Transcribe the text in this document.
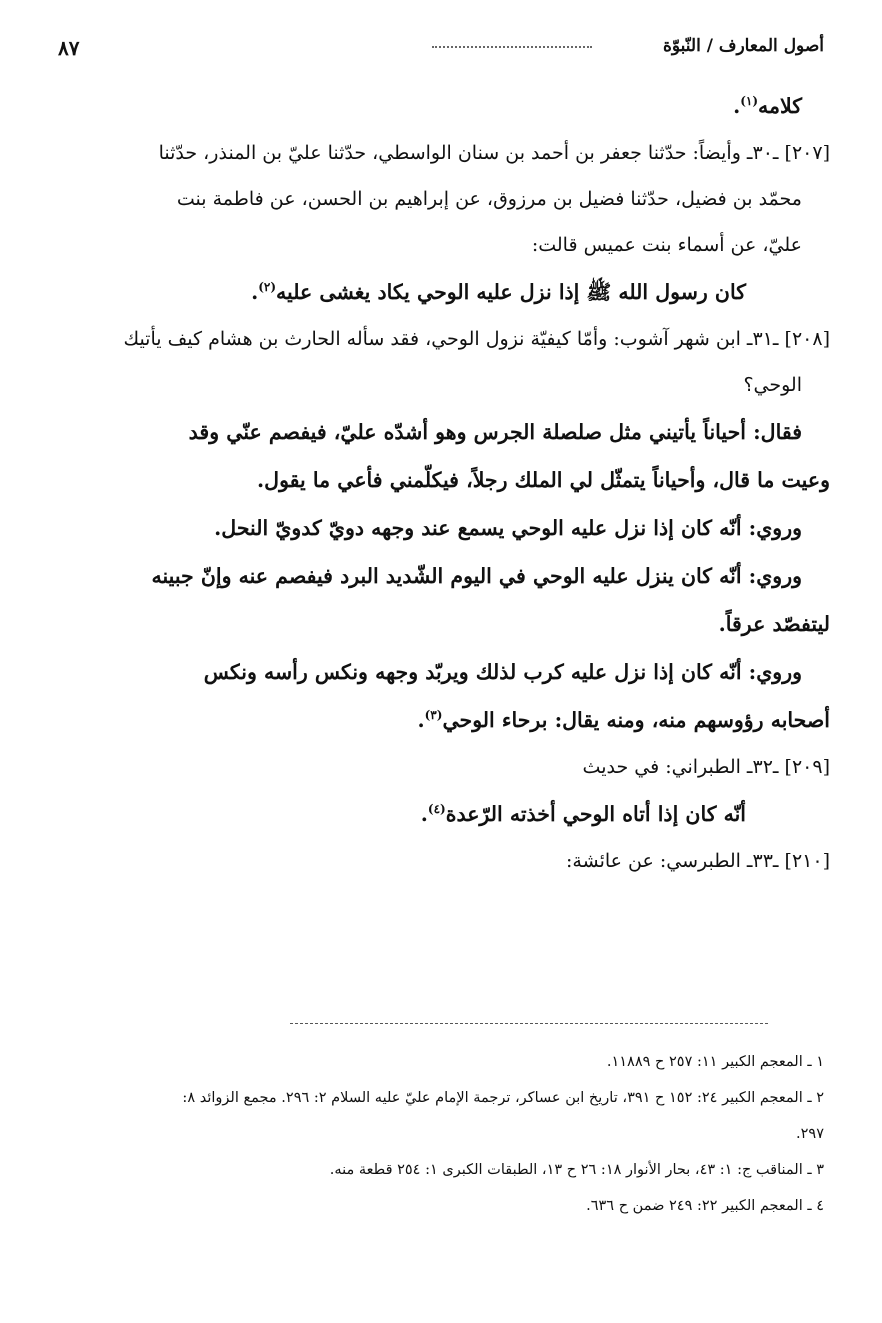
أصول المعارف / النّبوّة
٨٧
كلامه$^{(١)}$.
[٢٠٧] ـ٣٠ـ وأيضاً: حدّثنا جعفر بن أحمد بن سنان الواسطي، حدّثنا عليّ بن المنذر، حدّثنا
محمّد بن فضيل، حدّثنا فضيل بن مرزوق، عن إبراهيم بن الحسن، عن فاطمة بنت
عليّ، عن أسماء بنت عميس قالت:
كان رسول الله ﷺ إذا نزل عليه الوحي يكاد يغشى عليه$^{(٢)}$.
[٢٠٨] ـ٣١ـ ابن شهر آشوب: وأمّا كيفيّة نزول الوحي، فقد سأله الحارث بن هشام كيف يأتيك
الوحي؟
فقال: أحياناً يأتيني مثل صلصلة الجرس وهو أشدّه عليّ، فيفصم عنّي وقد
وعيت ما قال، وأحياناً يتمثّل لي الملك رجلاً، فيكلّمني فأعي ما يقول.
وروي: أنّه كان إذا نزل عليه الوحي يسمع عند وجهه دويّ كدويّ النحل.
وروي: أنّه كان ينزل عليه الوحي في اليوم الشّديد البرد فيفصم عنه وإنّ جبينه
ليتفصّد عرقاً.
وروي: أنّه كان إذا نزل عليه كرب لذلك ويربّد وجهه ونكس رأسه ونكس
أصحابه رؤوسهم منه، ومنه يقال: برحاء الوحي$^{(٣)}$.
[٢٠٩] ـ٣٢ـ الطبراني: في حديث
أنّه كان إذا أتاه الوحي أخذته الرّعدة$^{(٤)}$.
[٢١٠] ـ٣٣ـ الطبرسي: عن عائشة:
١ ـ المعجم الكبير ١١: ٢٥٧ ح ١١٨٨٩.
٢ ـ المعجم الكبير ٢٤: ١٥٢ ح ٣٩١، تاريخ ابن عساكر، ترجمة الإمام عليّ عليه السلام ٢: ٢٩٦. مجمع الزوائد ٨:
٢٩٧.
٣ ـ المناقب ج: ١: ٤٣، بحار الأنوار ١٨: ٢٦ ح ١٣، الطبقات الكبرى ١: ٢٥٤ قطعة منه.
٤ ـ المعجم الكبير ٢٢: ٢٤٩ ضمن ح ٦٣٦.
